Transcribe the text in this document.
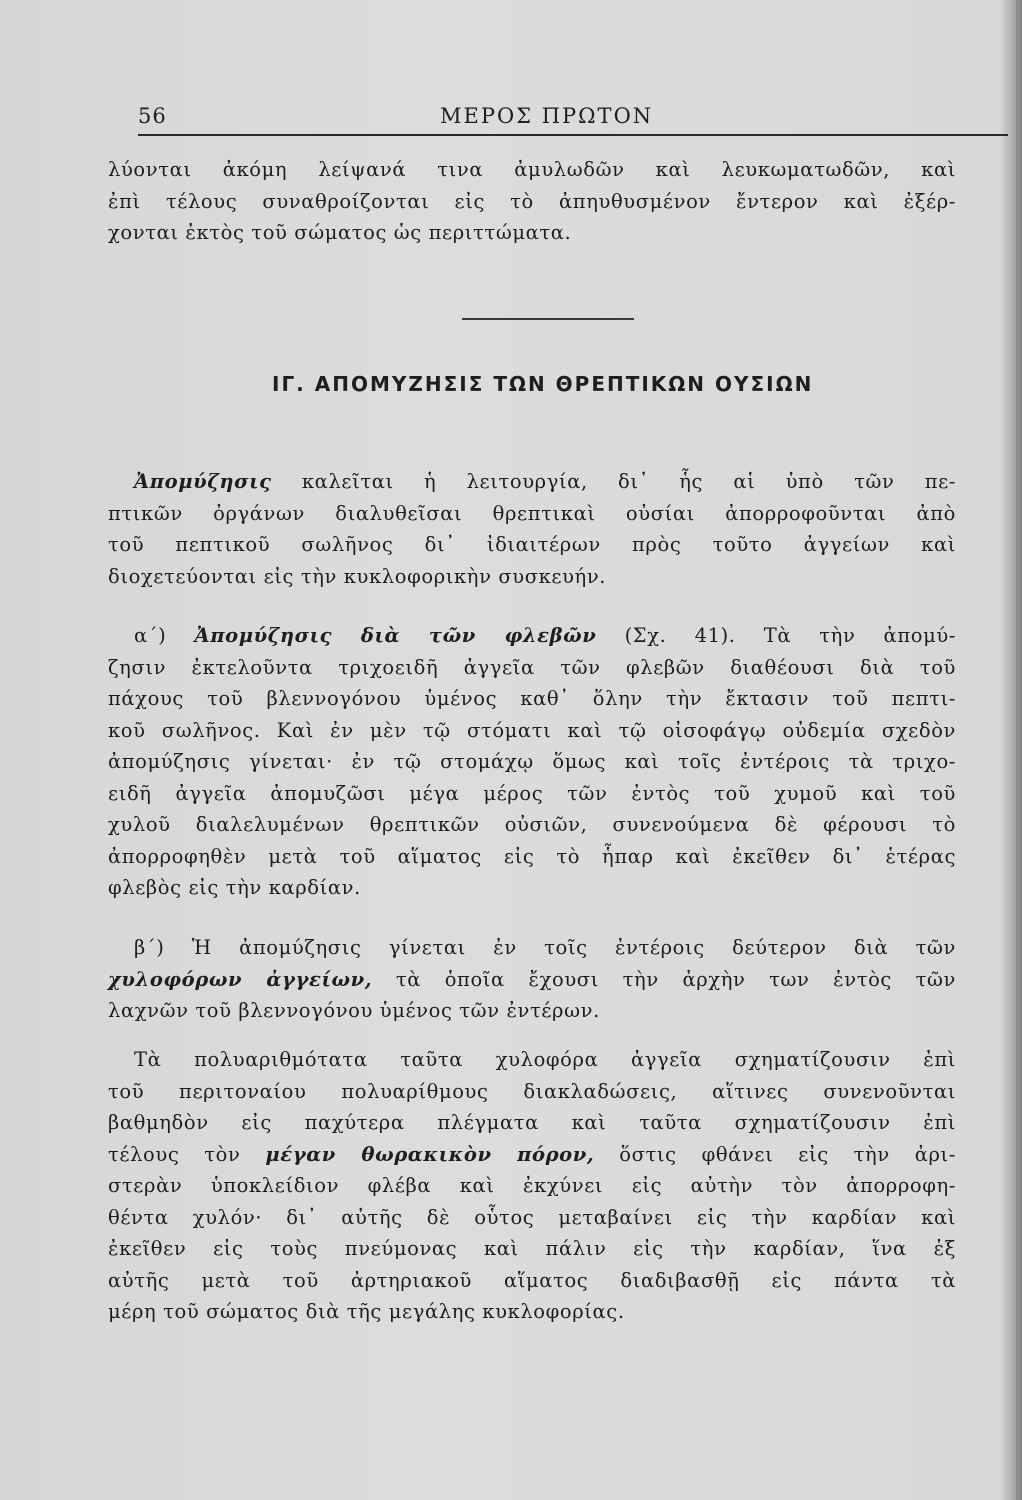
56	ΜΕΡΟΣ ΠΡΩΤΟΝ
λύονται ἀκόμη λείψανά τινα ἀμυλωδῶν καὶ λευκωματωδῶν, καὶ
ἐπὶ τέλους συναθροίζονται εἰς τὸ ἀπηυθυσμένον ἔντερον καὶ ἐξέρ-
χονται ἐκτὸς τοῦ σώματος ὡς περιττώματα.
ΙΓ. ΑΠΟΜΥΖΗΣΙΣ ΤΩΝ ΘΡΕΠΤΙΚΩΝ ΟΥΣΙΩΝ
Ἀπομύζησις καλεῖται ἡ λειτουργία, δι᾽ ἧς αἱ ὑπὸ τῶν πε-
πτικῶν ὀργάνων διαλυθεῖσαι θρεπτικαὶ οὐσίαι ἀπορροφοῦνται ἀπὸ
τοῦ πεπτικοῦ σωλῆνος δι᾽ ἰδιαιτέρων πρὸς τοῦτο ἀγγείων καὶ
διοχετεύονται εἰς τὴν κυκλοφορικὴν συσκευήν.
α΄) Ἀπομύζησις διὰ τῶν φλεβῶν (Σχ. 41). Τὰ τὴν ἀπομύ-
ζησιν ἐκτελοῦντα τριχοειδῆ ἀγγεῖα τῶν φλεβῶν διαθέουσι διὰ τοῦ
πάχους τοῦ βλεννογόνου ὑμένος καθ᾽ ὅλην τὴν ἔκτασιν τοῦ πεπτι-
κοῦ σωλῆνος. Καὶ ἐν μὲν τῷ στόματι καὶ τῷ οἰσοφάγῳ οὐδεμία σχεδὸν
ἀπομύζησις γίνεται· ἐν τῷ στομάχῳ ὅμως καὶ τοῖς ἐντέροις τὰ τριχο-
ειδῆ ἀγγεῖα ἀπομυζῶσι μέγα μέρος τῶν ἐντὸς τοῦ χυμοῦ καὶ τοῦ
χυλοῦ διαλελυμένων θρεπτικῶν οὐσιῶν, συνενούμενα δὲ φέρουσι τὸ
ἀπορροφηθὲν μετὰ τοῦ αἵματος εἰς τὸ ἧπαρ καὶ ἐκεῖθεν δι᾽ ἑτέρας
φλεβὸς εἰς τὴν καρδίαν.
β΄) Ἡ ἀπομύζησις γίνεται ἐν τοῖς ἐντέροις δεύτερον διὰ τῶν
χυλοφόρων ἀγγείων, τὰ ὁποῖα ἔχουσι τὴν ἀρχὴν των ἐντὸς τῶν
λαχνῶν τοῦ βλεννογόνου ὑμένος τῶν ἐντέρων.
Τὰ πολυαριθμότατα ταῦτα χυλοφόρα ἀγγεῖα σχηματίζουσιν ἐπὶ
τοῦ περιτοναίου πολυαρίθμους διακλαδώσεις, αἵτινες συνενοῦνται
βαθμηδὸν εἰς παχύτερα πλέγματα καὶ ταῦτα σχηματίζουσιν ἐπὶ
τέλους τὸν μέγαν θωρακικὸν πόρον, ὅστις φθάνει εἰς τὴν ἀρι-
στερὰν ὑποκλείδιον φλέβα καὶ ἐκχύνει εἰς αὐτὴν τὸν ἀπορροφη-
θέντα χυλόν· δι᾽ αὐτῆς δὲ οὗτος μεταβαίνει εἰς τὴν καρδίαν καὶ
ἐκεῖθεν εἰς τοὺς πνεύμονας καὶ πάλιν εἰς τὴν καρδίαν, ἵνα ἐξ
αὐτῆς μετὰ τοῦ ἀρτηριακοῦ αἵματος διαδιβασθῇ εἰς πάντα τὰ
μέρη τοῦ σώματος διὰ τῆς μεγάλης κυκλοφορίας.
